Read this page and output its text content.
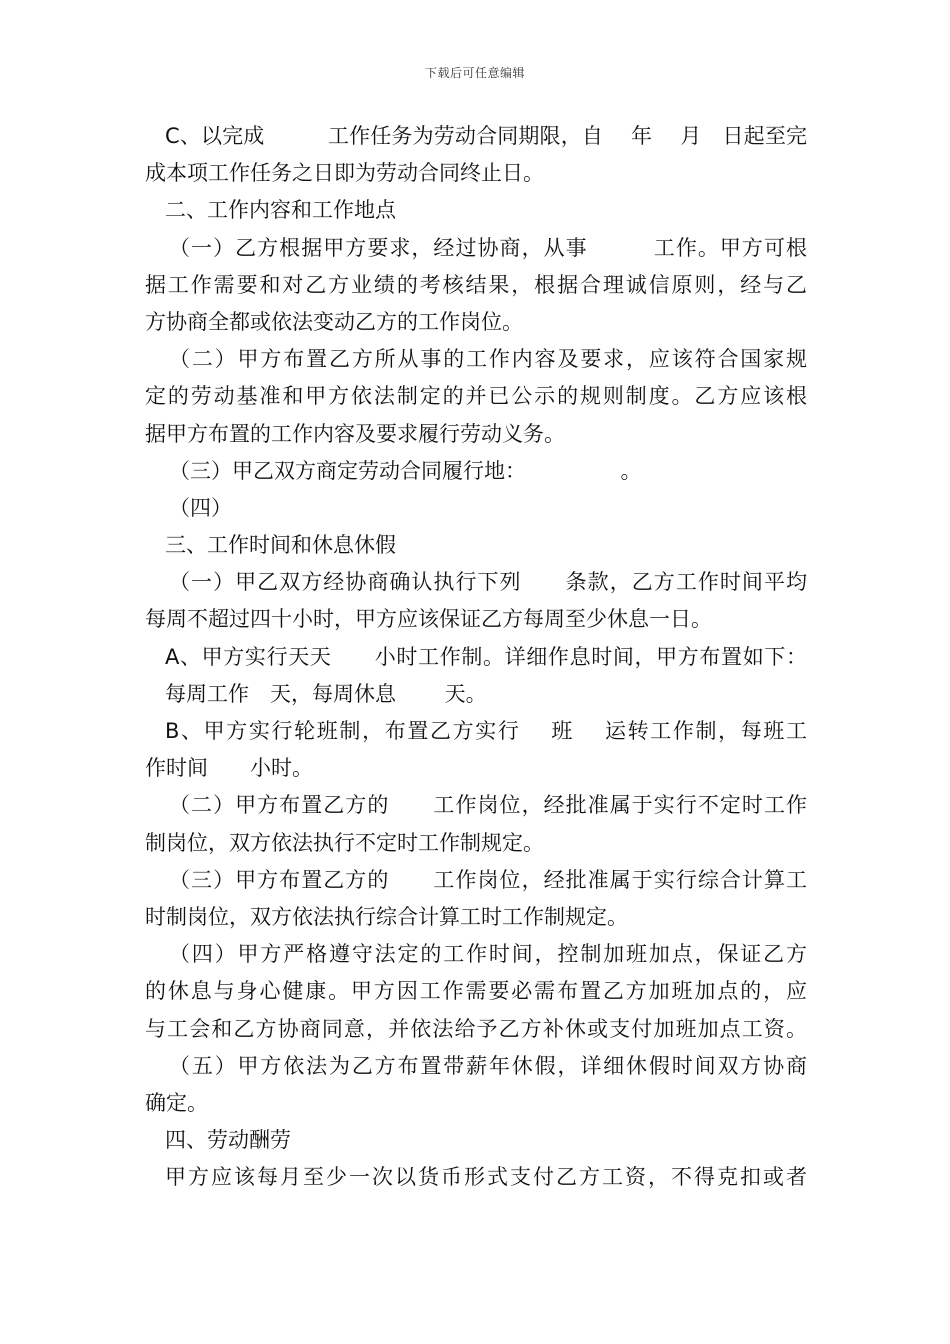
下载后可任意编辑
C、以完成　　　工作任务为劳动合同期限，自　 年　 月　日起至完
成本项工作任务之日即为劳动合同终止日。
二、工作内容和工作地点
（一）乙方根据甲方要求，经过协商，从事　　　工作。甲方可根
据工作需要和对乙方业绩的考核结果，根据合理诚信原则，经与乙
方协商全都或依法变动乙方的工作岗位。
（二）甲方布置乙方所从事的工作内容及要求，应该符合国家规
定的劳动基准和甲方依法制定的并已公示的规则制度。乙方应该根
据甲方布置的工作内容及要求履行劳动义务。
（三）甲乙双方商定劳动合同履行地：　　　　　。
（四）
三、工作时间和休息休假
（一）甲乙双方经协商确认执行下列　　条款，乙方工作时间平均
每周不超过四十小时，甲方应该保证乙方每周至少休息一日。
A、甲方实行天天　　小时工作制。详细作息时间，甲方布置如下：
每周工作　天，每周休息　　 天。
B、甲方实行轮班制，布置乙方实行　 班　 运转工作制，每班工
作时间　　小时。
（二）甲方布置乙方的　　工作岗位，经批准属于实行不定时工作
制岗位，双方依法执行不定时工作制规定。
（三）甲方布置乙方的　　工作岗位，经批准属于实行综合计算工
时制岗位，双方依法执行综合计算工时工作制规定。
（四）甲方严格遵守法定的工作时间，控制加班加点，保证乙方
的休息与身心健康。甲方因工作需要必需布置乙方加班加点的，应
与工会和乙方协商同意，并依法给予乙方补休或支付加班加点工资。
（五）甲方依法为乙方布置带薪年休假，详细休假时间双方协商
确定。
四、劳动酬劳
甲方应该每月至少一次以货币形式支付乙方工资，不得克扣或者
